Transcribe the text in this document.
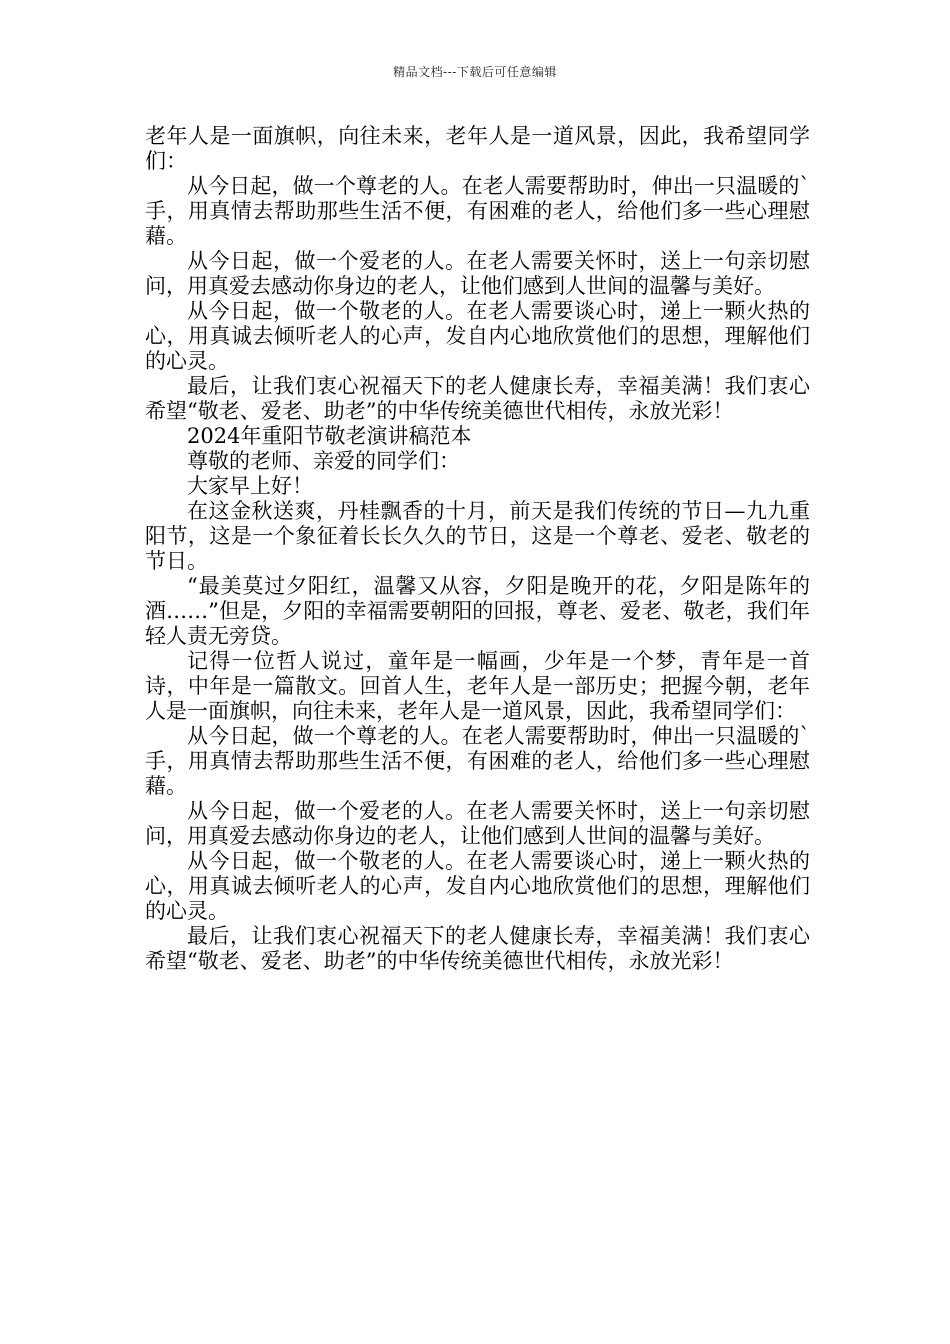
精品文档---下载后可任意编辑

老年人是一面旗帜，向往未来，老年人是一道风景，因此，我希望同学们：

从今日起，做一个尊老的人。在老人需要帮助时，伸出一只温暖的`手，用真情去帮助那些生活不便，有困难的老人，给他们多一些心理慰藉。

从今日起，做一个爱老的人。在老人需要关怀时，送上一句亲切慰问，用真爱去感动你身边的老人，让他们感到人世间的温馨与美好。

从今日起，做一个敬老的人。在老人需要谈心时，递上一颗火热的心，用真诚去倾听老人的心声，发自内心地欣赏他们的思想，理解他们的心灵。

最后，让我们衷心祝福天下的老人健康长寿，幸福美满！我们衷心希望“敬老、爱老、助老”的中华传统美德世代相传，永放光彩！

2024年重阳节敬老演讲稿范本

尊敬的老师、亲爱的同学们：

大家早上好！

在这金秋送爽，丹桂飘香的十月，前天是我们传统的节日—九九重阳节，这是一个象征着长长久久的节日，这是一个尊老、爱老、敬老的节日。

“最美莫过夕阳红，温馨又从容，夕阳是晚开的花，夕阳是陈年的酒……”但是，夕阳的幸福需要朝阳的回报，尊老、爱老、敬老，我们年轻人责无旁贷。

记得一位哲人说过，童年是一幅画，少年是一个梦，青年是一首诗，中年是一篇散文。回首人生，老年人是一部历史；把握今朝，老年人是一面旗帜，向往未来，老年人是一道风景，因此，我希望同学们：

从今日起，做一个尊老的人。在老人需要帮助时，伸出一只温暖的`手，用真情去帮助那些生活不便，有困难的老人，给他们多一些心理慰藉。

从今日起，做一个爱老的人。在老人需要关怀时，送上一句亲切慰问，用真爱去感动你身边的老人，让他们感到人世间的温馨与美好。

从今日起，做一个敬老的人。在老人需要谈心时，递上一颗火热的心，用真诚去倾听老人的心声，发自内心地欣赏他们的思想，理解他们的心灵。

最后，让我们衷心祝福天下的老人健康长寿，幸福美满！我们衷心希望“敬老、爱老、助老”的中华传统美德世代相传，永放光彩！
